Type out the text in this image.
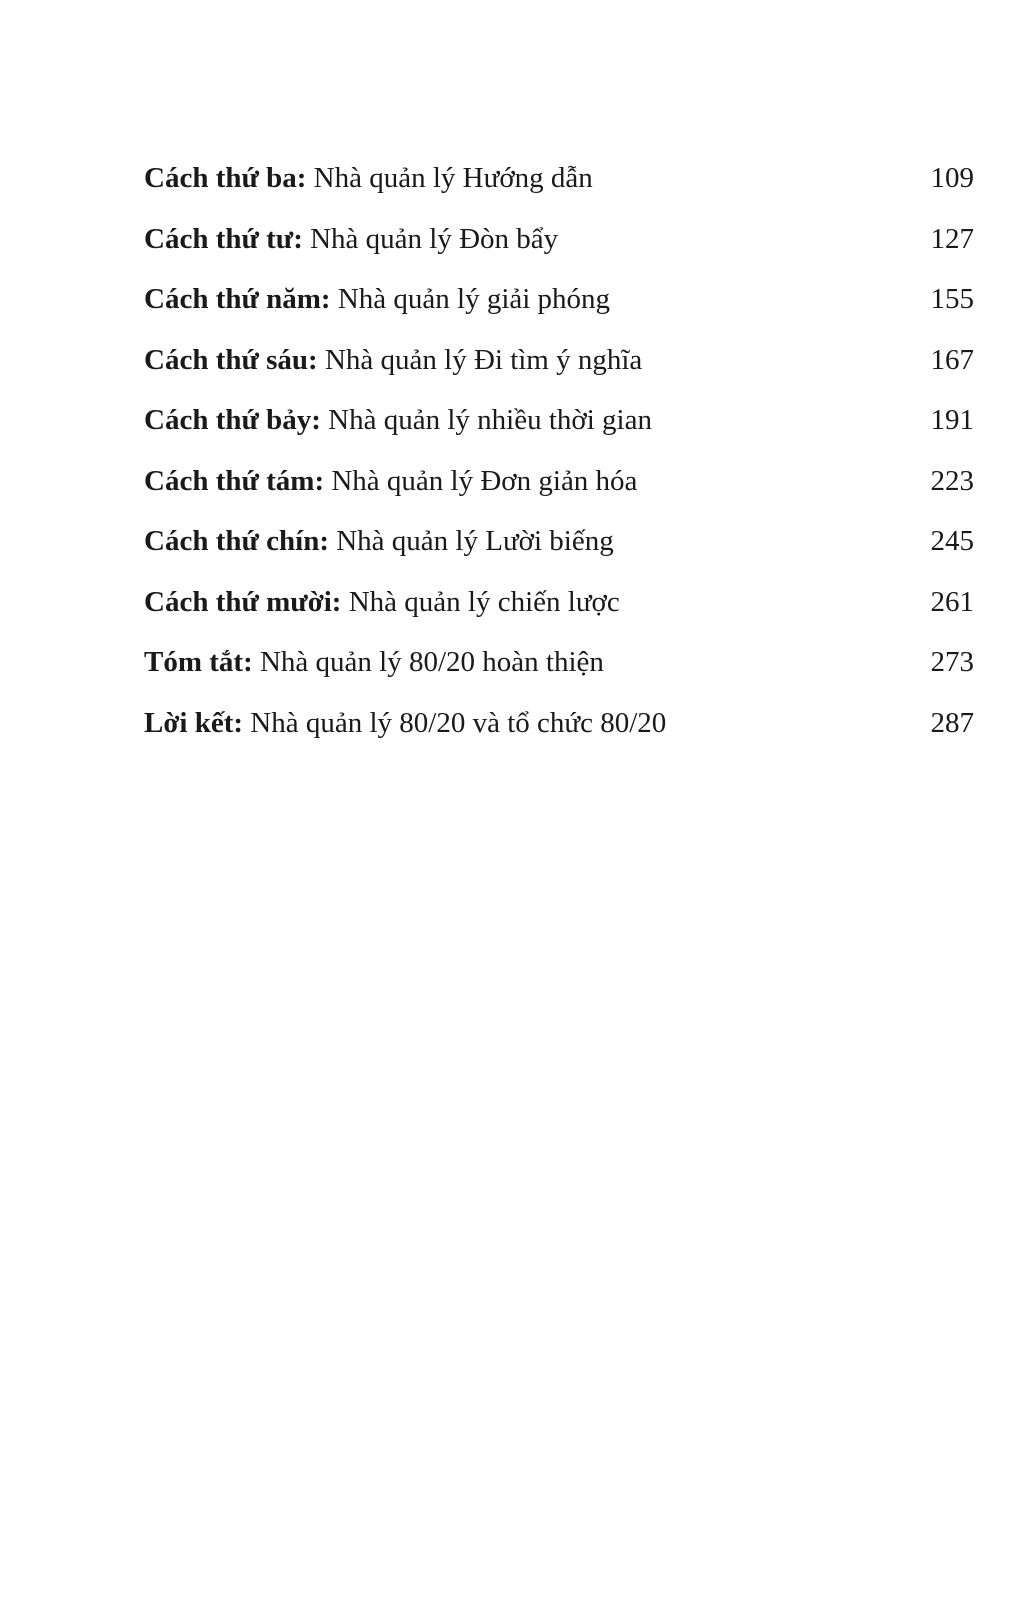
Cách thứ ba: Nhà quản lý Hướng dẫn	109
Cách thứ tư: Nhà quản lý Đòn bẩy	127
Cách thứ năm: Nhà quản lý giải phóng	155
Cách thứ sáu: Nhà quản lý Đi tìm ý nghĩa	167
Cách thứ bảy: Nhà quản lý nhiều thời gian	191
Cách thứ tám: Nhà quản lý Đơn giản hóa	223
Cách thứ chín: Nhà quản lý Lười biếng	245
Cách thứ mười: Nhà quản lý chiến lược	261
Tóm tắt: Nhà quản lý 80/20 hoàn thiện	273
Lời kết: Nhà quản lý 80/20 và tổ chức 80/20	287
